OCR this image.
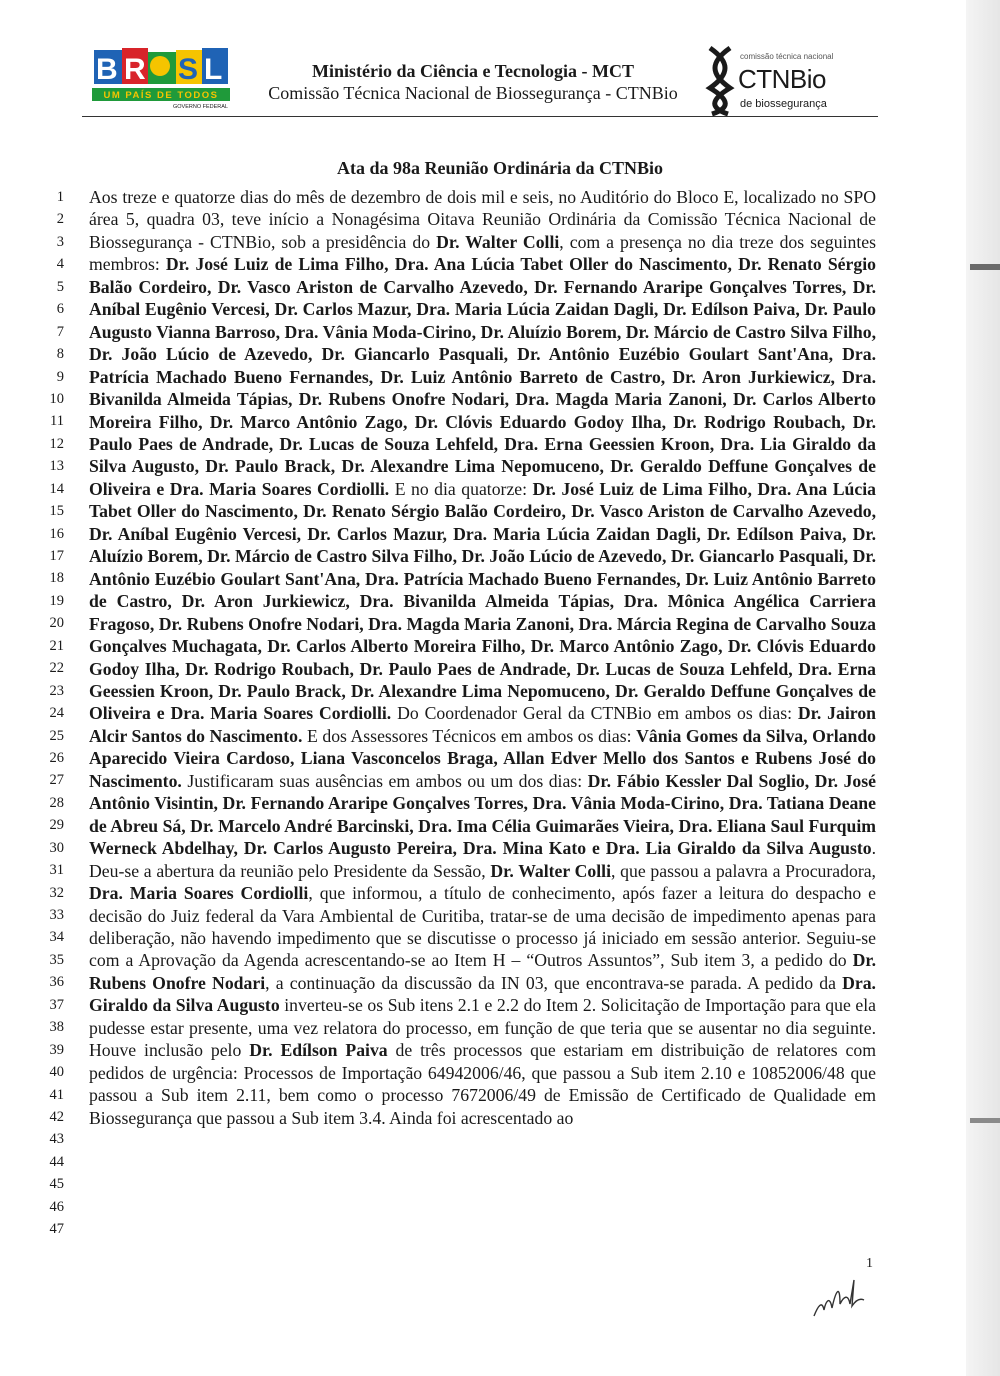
B R S L
UM PAÍS DE TODOS
GOVERNO FEDERAL
Ministério da Ciência e Tecnologia - MCT
Comissão Técnica Nacional de Biossegurança - CTNBio
comissão técnica nacional
CTNBio
de biossegurança
Ata da 98a Reunião Ordinária da CTNBio
1
2
3
4
5
6
7
8
9
10
11
12
13
14
15
16
17
18
19
20
21
22
23
24
25
26
27
28
29
30
31
32
33
34
35
36
37
38
39
40
41
42
43
44
45
46
47
Aos treze e quatorze dias do mês de dezembro de dois mil e seis, no Auditório do Bloco E, localizado no SPO área 5, quadra 03, teve início a Nonagésima Oitava Reunião Ordinária da Comissão Técnica Nacional de Biossegurança - CTNBio, sob a presidência do Dr. Walter Colli, com a presença no dia treze dos seguintes membros: Dr. José Luiz de Lima Filho, Dra. Ana Lúcia Tabet Oller do Nascimento, Dr. Renato Sérgio Balão Cordeiro, Dr. Vasco Ariston de Carvalho Azevedo, Dr. Fernando Araripe Gonçalves Torres, Dr. Aníbal Eugênio Vercesi, Dr. Carlos Mazur, Dra. Maria Lúcia Zaidan Dagli, Dr. Edílson Paiva, Dr. Paulo Augusto Vianna Barroso, Dra. Vânia Moda-Cirino, Dr. Aluízio Borem, Dr. Márcio de Castro Silva Filho, Dr. João Lúcio de Azevedo, Dr. Giancarlo Pasquali, Dr. Antônio Euzébio Goulart Sant'Ana, Dra. Patrícia Machado Bueno Fernandes, Dr. Luiz Antônio Barreto de Castro, Dr. Aron Jurkiewicz, Dra. Bivanilda Almeida Tápias, Dr. Rubens Onofre Nodari, Dra. Magda Maria Zanoni, Dr. Carlos Alberto Moreira Filho, Dr. Marco Antônio Zago, Dr. Clóvis Eduardo Godoy Ilha, Dr. Rodrigo Roubach, Dr. Paulo Paes de Andrade, Dr. Lucas de Souza Lehfeld, Dra. Erna Geessien Kroon, Dra. Lia Giraldo da Silva Augusto, Dr. Paulo Brack, Dr. Alexandre Lima Nepomuceno, Dr. Geraldo Deffune Gonçalves de Oliveira e Dra. Maria Soares Cordiolli. E no dia quatorze: Dr. José Luiz de Lima Filho, Dra. Ana Lúcia Tabet Oller do Nascimento, Dr. Renato Sérgio Balão Cordeiro, Dr. Vasco Ariston de Carvalho Azevedo, Dr. Aníbal Eugênio Vercesi, Dr. Carlos Mazur, Dra. Maria Lúcia Zaidan Dagli, Dr. Edílson Paiva, Dr. Aluízio Borem, Dr. Márcio de Castro Silva Filho, Dr. João Lúcio de Azevedo, Dr. Giancarlo Pasquali, Dr. Antônio Euzébio Goulart Sant'Ana, Dra. Patrícia Machado Bueno Fernandes, Dr. Luiz Antônio Barreto de Castro, Dr. Aron Jurkiewicz, Dra. Bivanilda Almeida Tápias, Dra. Mônica Angélica Carriera Fragoso, Dr. Rubens Onofre Nodari, Dra. Magda Maria Zanoni, Dra. Márcia Regina de Carvalho Souza Gonçalves Muchagata, Dr. Carlos Alberto Moreira Filho, Dr. Marco Antônio Zago, Dr. Clóvis Eduardo Godoy Ilha, Dr. Rodrigo Roubach, Dr. Paulo Paes de Andrade, Dr. Lucas de Souza Lehfeld, Dra. Erna Geessien Kroon, Dr. Paulo Brack, Dr. Alexandre Lima Nepomuceno, Dr. Geraldo Deffune Gonçalves de Oliveira e Dra. Maria Soares Cordiolli. Do Coordenador Geral da CTNBio em ambos os dias: Dr. Jairon Alcir Santos do Nascimento. E dos Assessores Técnicos em ambos os dias: Vânia Gomes da Silva, Orlando Aparecido Vieira Cardoso, Liana Vasconcelos Braga, Allan Edver Mello dos Santos e Rubens José do Nascimento. Justificaram suas ausências em ambos ou um dos dias: Dr. Fábio Kessler Dal Soglio, Dr. José Antônio Visintin, Dr. Fernando Araripe Gonçalves Torres, Dra. Vânia Moda-Cirino, Dra. Tatiana Deane de Abreu Sá, Dr. Marcelo André Barcinski, Dra. Ima Célia Guimarães Vieira, Dra. Eliana Saul Furquim Werneck Abdelhay, Dr. Carlos Augusto Pereira, Dra. Mina Kato e Dra. Lia Giraldo da Silva Augusto. Deu-se a abertura da reunião pelo Presidente da Sessão, Dr. Walter Colli, que passou a palavra a Procuradora, Dra. Maria Soares Cordiolli, que informou, a título de conhecimento, após fazer a leitura do despacho e decisão do Juiz federal da Vara Ambiental de Curitiba, tratar-se de uma decisão de impedimento apenas para deliberação, não havendo impedimento que se discutisse o processo já iniciado em sessão anterior. Seguiu-se com a Aprovação da Agenda acrescentando-se ao Item H – “Outros Assuntos”, Sub item 3, a pedido do Dr. Rubens Onofre Nodari, a continuação da discussão da IN 03, que encontrava-se parada. A pedido da Dra. Giraldo da Silva Augusto inverteu-se os Sub itens 2.1 e 2.2 do Item 2. Solicitação de Importação para que ela pudesse estar presente, uma vez relatora do processo, em função de que teria que se ausentar no dia seguinte. Houve inclusão pelo Dr. Edílson Paiva de três processos que estariam em distribuição de relatores com pedidos de urgência: Processos de Importação 64942006/46, que passou a Sub item 2.10 e 10852006/48 que passou a Sub item 2.11, bem como o processo 7672006/49 de Emissão de Certificado de Qualidade em Biossegurança que passou a Sub item 3.4. Ainda foi acrescentado ao
1
